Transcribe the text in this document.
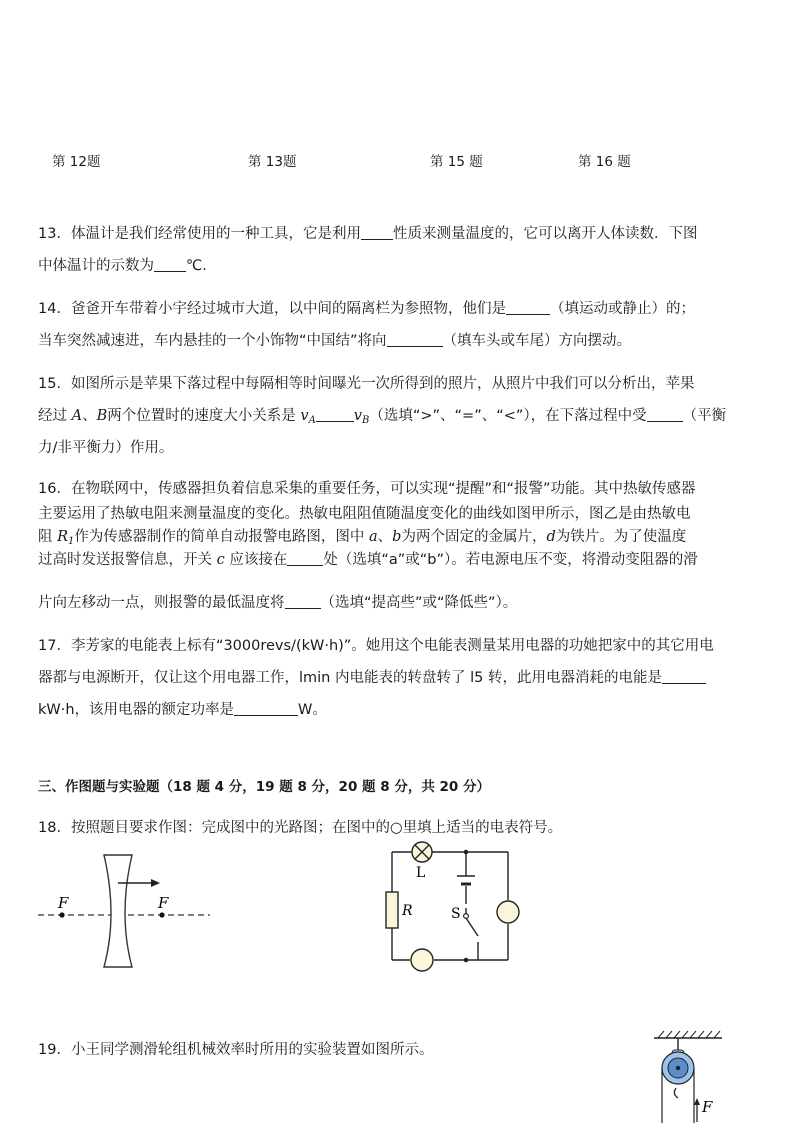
第 12题	第 13题	第 15 题	第 16 题
13．体温计是我们经常使用的一种工具，它是利用 性质来测量温度的，它可以离开人体读数．下图
中体温计的示数为 ℃.
14．爸爸开车带着小宇经过城市大道，以中间的隔离栏为参照物，他们是	（填运动或静止）的；
当车突然减速进，车内悬挂的一个小饰物“中国结”将向	（填车头或车尾）方向摆动。
15．如图所示是苹果下落过程中每隔相等时间曝光一次所得到的照片，从照片中我们可以分析出，苹果
经过 A、B两个位置时的速度大小关系是 $v_A$	$v_B$（选填“>”、“=”、“<”），在下落过程中受 （平衡
力/非平衡力）作用。
16．在物联网中，传感器担负着信息采集的重要任务，可以实现“提醒”和“报警”功能。其中热敏传感器
主要运用了热敏电阻来测量温度的变化。热敏电阻阻值随温度变化的曲线如图甲所示，图乙是由热敏电
阻 $R_1$作为传感器制作的简单自动报警电路图，图中 a、b为两个固定的金属片，d为铁片。为了使温度
过高时发送报警信息，开关 c 应该接在 处（选填“a”或“b”）。若电源电压不变，将滑动变阻器的滑
片向左移动一点，则报警的最低温度将 （选填“提高些”或“降低些”）。
17．李芳家的电能表上标有“3000revs/(kW·h)”。她用这个电能表测量某用电器的功她把家中的其它用电
器都与电源断开，仅让这个用电器工作，lmin 内电能表的转盘转了 l5 转，此用电器消耗的电能是
kW·h，该用电器的额定功率是	W。
三、作图题与实验题（18 题 4 分，19 题 8 分，20 题 8 分，共 20 分）
18．按照题目要求作图：完成图中的光路图；在图中的○里填上适当的电表符号。
F	F
L
R	S
19．小王同学测滑轮组机械效率时所用的实验装置如图所示。
F
